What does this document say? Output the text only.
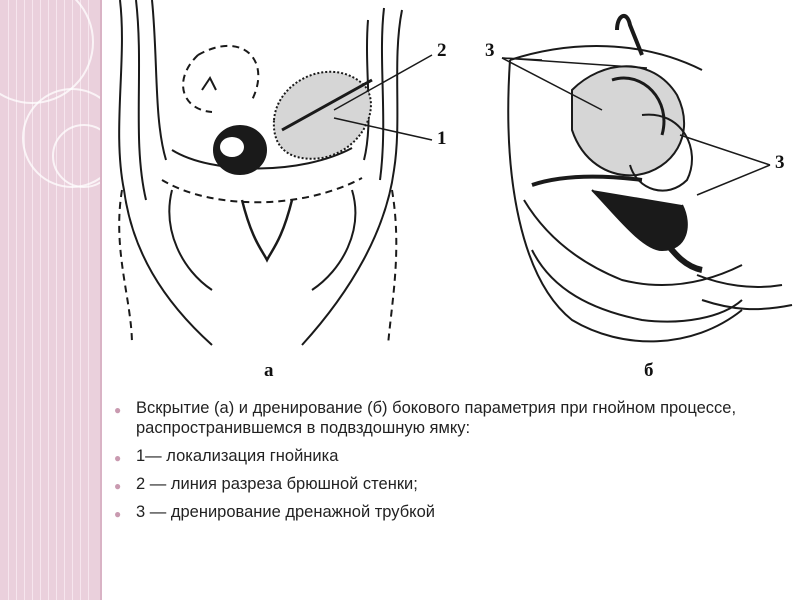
а	б
2
1
3
3
● Вскрытие (а) и дренирование (б) бокового параметрия при гнойном процессе, распространившемся в подвздошную ямку:
● 1— локализация гнойника
● 2 — линия разреза брюшной стенки;
● 3 — дренирование дренажной трубкой
